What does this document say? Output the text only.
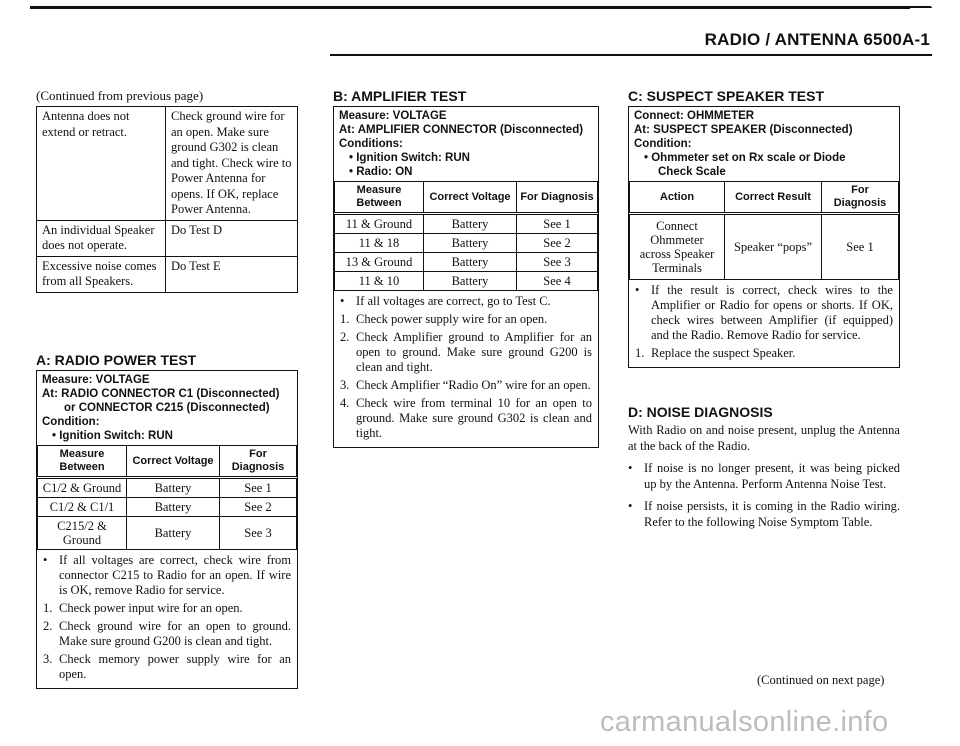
RADIO / ANTENNA 6500A-1
(Continued from previous page)
Antenna does not extend or retract.	Check ground wire for an open. Make sure ground G302 is clean and tight. Check wire to Power Antenna for opens. If OK, replace Power Antenna.
An individual Speaker does not operate.	Do Test D
Excessive noise comes from all Speakers.	Do Test E
A: RADIO POWER TEST
Measure: VOLTAGE
At: RADIO CONNECTOR C1 (Disconnected)
or CONNECTOR C215 (Disconnected)
Condition:
• Ignition Switch: RUN
Measure Between	Correct Voltage	For Diagnosis
C1/2 & Ground	Battery	See 1
C1/2 & C1/1	Battery	See 2
C215/2 & Ground	Battery	See 3
• If all voltages are correct, check wire from connector C215 to Radio for an open. If wire is OK, remove Radio for service.
1. Check power input wire for an open.
2. Check ground wire for an open to ground. Make sure ground G200 is clean and tight.
3. Check memory power supply wire for an open.
B: AMPLIFIER TEST
Measure: VOLTAGE
At: AMPLIFIER CONNECTOR (Disconnected)
Conditions:
• Ignition Switch: RUN
• Radio: ON
Measure Between	Correct Voltage	For Diagnosis
11 & Ground	Battery	See 1
11 & 18	Battery	See 2
13 & Ground	Battery	See 3
11 & 10	Battery	See 4
• If all voltages are correct, go to Test C.
1. Check power supply wire for an open.
2. Check Amplifier ground to Amplifier for an open to ground. Make sure ground G200 is clean and tight.
3. Check Amplifier “Radio On” wire for an open.
4. Check wire from terminal 10 for an open to ground. Make sure ground G302 is clean and tight.
C: SUSPECT SPEAKER TEST
Connect: OHMMETER
At: SUSPECT SPEAKER (Disconnected)
Condition:
• Ohmmeter set on Rx scale or Diode
Check Scale
Action	Correct Result	For Diagnosis
Connect Ohmmeter across Speaker Terminals	Speaker “pops”	See 1
• If the result is correct, check wires to the Amplifier or Radio for opens or shorts. If OK, check wires between Amplifier (if equipped) and the Radio. Remove Radio for service.
1. Replace the suspect Speaker.
D: NOISE DIAGNOSIS
With Radio on and noise present, unplug the Antenna at the back of the Radio.
• If noise is no longer present, it was being picked up by the Antenna. Perform Antenna Noise Test.
• If noise persists, it is coming in the Radio wiring. Refer to the following Noise Symptom Table.
(Continued on next page)
carmanualsonline.info
